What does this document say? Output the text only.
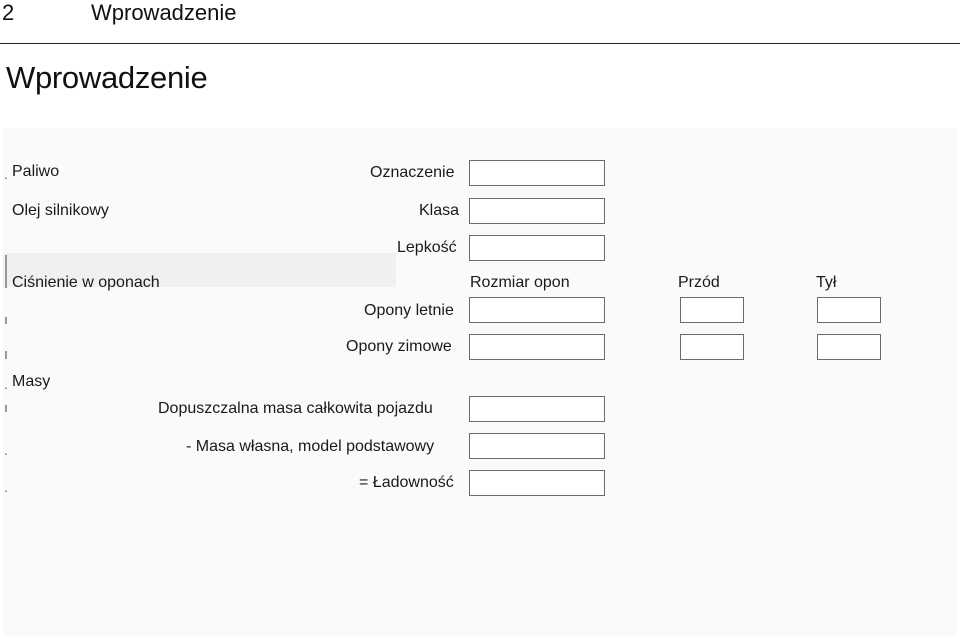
2	Wprowadzenie
Wprowadzenie
. Paliwo	Oznaczenie
Olej silnikowy	Klasa
Lepkość
Ciśnienie w oponach	Rozmiar opon	Przód	Tył
Opony letnie
Opony zimowe
. Masy
Dopuszczalna masa całkowita pojazdu
.	- Masa własna, model podstawowy
.	= Ładowność
